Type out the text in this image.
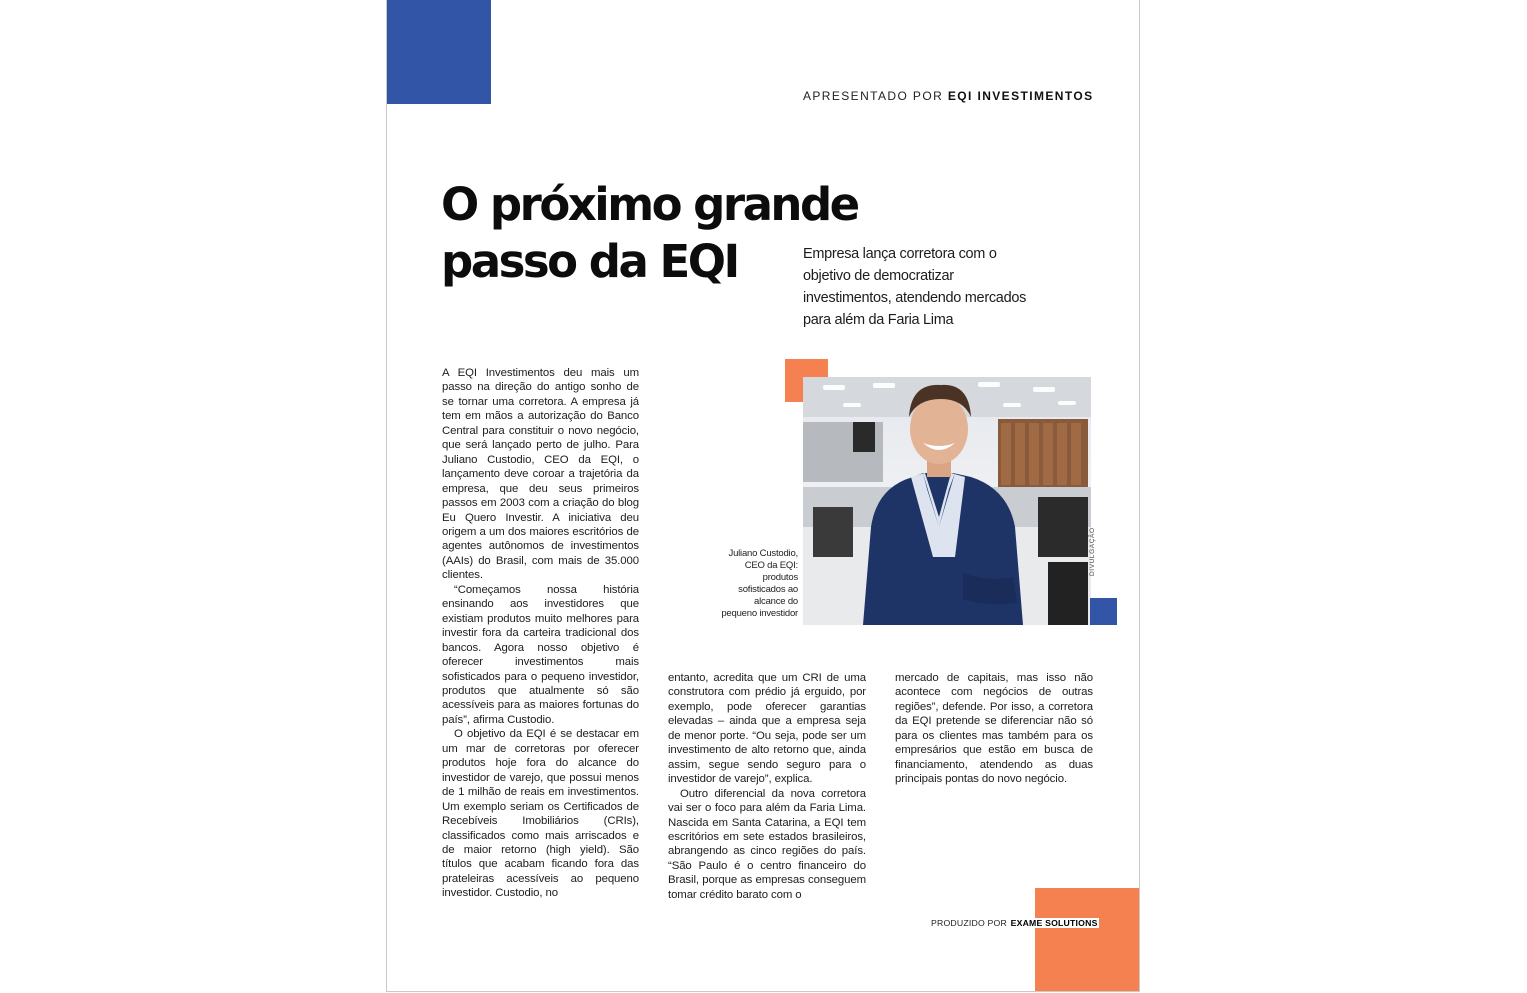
APRESENTADO POR EQI INVESTIMENTOS
O próximo grande
passo da EQI	Empresa lança corretora com o objetivo de democratizar investimentos, atendendo mercados para além da Faria Lima

A EQI Investimentos deu mais um passo na direção do antigo sonho de se tornar uma corretora. A empresa já tem em mãos a autorização do Banco Central para constituir o novo negócio, que será lançado perto de julho. Para Juliano Custodio, CEO da EQI, o lançamento deve coroar a trajetória da empresa, que deu seus primeiros passos em 2003 com a criação do blog Eu Quero Investir. A iniciativa deu origem a um dos maiores escritórios de agentes autônomos de investimentos (AAIs) do Brasil, com mais de 35.000 clientes.

“Começamos nossa história ensinando aos investidores que existiam produtos muito melhores para investir fora da carteira tradicional dos bancos. Agora nosso objetivo é oferecer investimentos mais sofisticados para o pequeno investidor, produtos que atualmente só são acessíveis para as maiores fortunas do país”, afirma Custodio.

O objetivo da EQI é se destacar em um mar de corretoras por oferecer produtos hoje fora do alcance do investidor de varejo, que possui menos de 1 milhão de reais em investimentos. Um exemplo seriam os Certificados de Recebíveis Imobiliários (CRIs), classificados como mais arriscados e de maior retorno (high yield). São títulos que acabam ficando fora das prateleiras acessíveis ao pequeno investidor. Custodio, no

DIVULGAÇÃO
Juliano Custodio, CEO da EQI: produtos sofisticados ao alcance do pequeno investidor

entanto, acredita que um CRI de uma construtora com prédio já erguido, por exemplo, pode oferecer garantias elevadas – ainda que a empresa seja de menor porte. “Ou seja, pode ser um investimento de alto retorno que, ainda assim, segue sendo seguro para o investidor de varejo”, explica.

Outro diferencial da nova corretora vai ser o foco para além da Faria Lima. Nascida em Santa Catarina, a EQI tem escritórios em sete estados brasileiros, abrangendo as cinco regiões do país. “São Paulo é o centro financeiro do Brasil, porque as empresas conseguem tomar crédito barato com o

mercado de capitais, mas isso não acontece com negócios de outras regiões”, defende. Por isso, a corretora da EQI pretende se diferenciar não só para os clientes mas também para os empresários que estão em busca de financiamento, atendendo as duas principais pontas do novo negócio.

PRODUZIDO POR EXAME SOLUTIONS
